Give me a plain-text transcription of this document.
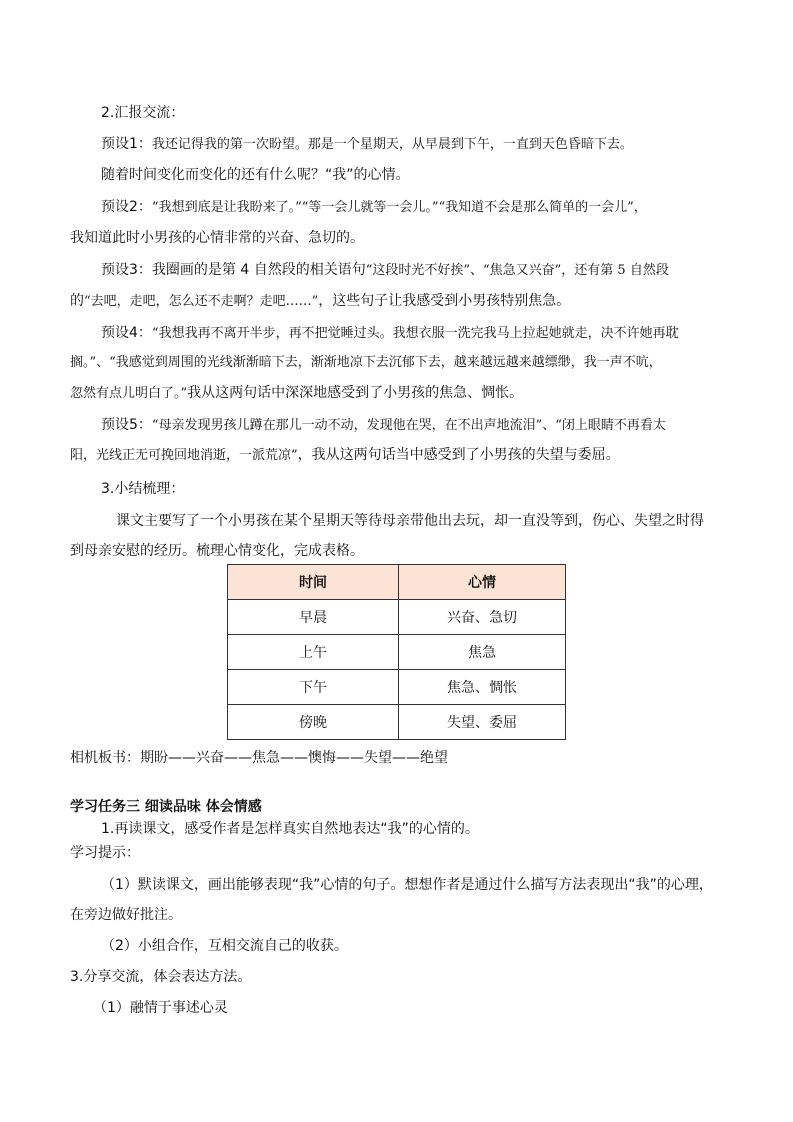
2.汇报交流：
预设1：我还记得我的第一次盼望。那是一个星期天，从早晨到下午，一直到天色昏暗下去。
随着时间变化而变化的还有什么呢？“我”的心情。
预设2：“我想到底是让我盼来了。”“等一会儿就等一会儿。”“我知道不会是那么简单的一会儿”，
我知道此时小男孩的心情非常的兴奋、急切的。
预设3：我圈画的是第 4 自然段的相关语句“这段时光不好挨”、“焦急又兴奋”，还有第 5 自然段
的“去吧，走吧，怎么还不走啊？走吧……”，这些句子让我感受到小男孩特别焦急。
预设4：“我想我再不离开半步，再不把觉睡过头。我想衣服一洗完我马上拉起她就走，决不许她再耽
搁。”、“我感觉到周围的光线渐渐暗下去，渐渐地凉下去沉郁下去，越来越远越来越缥缈，我一声不吭，
忽然有点儿明白了。”我从这两句话中深深地感受到了小男孩的焦急、惆怅。
预设5：“母亲发现男孩儿蹲在那儿一动不动，发现他在哭，在不出声地流泪”、“闭上眼睛不再看太
阳，光线正无可挽回地消逝，一派荒凉”，我从这两句话当中感受到了小男孩的失望与委屈。
3.小结梳理：
课文主要写了一个小男孩在某个星期天等待母亲带他出去玩，却一直没等到，伤心、失望之时得
到母亲安慰的经历。梳理心情变化，完成表格。
时间	心情
早晨	兴奋、急切
上午	焦急
下午	焦急、惆怅
傍晚	失望、委屈
相机板书：期盼——兴奋——焦急——懊悔——失望——绝望
学习任务三 细读品味 体会情感
1.再读课文，感受作者是怎样真实自然地表达“我”的心情的。
学习提示：
（1）默读课文，画出能够表现“我”心情的句子。想想作者是通过什么描写方法表现出“我”的心理，
在旁边做好批注。
（2）小组合作，互相交流自己的收获。
3.分享交流，体会表达方法。
（1）融情于事述心灵
